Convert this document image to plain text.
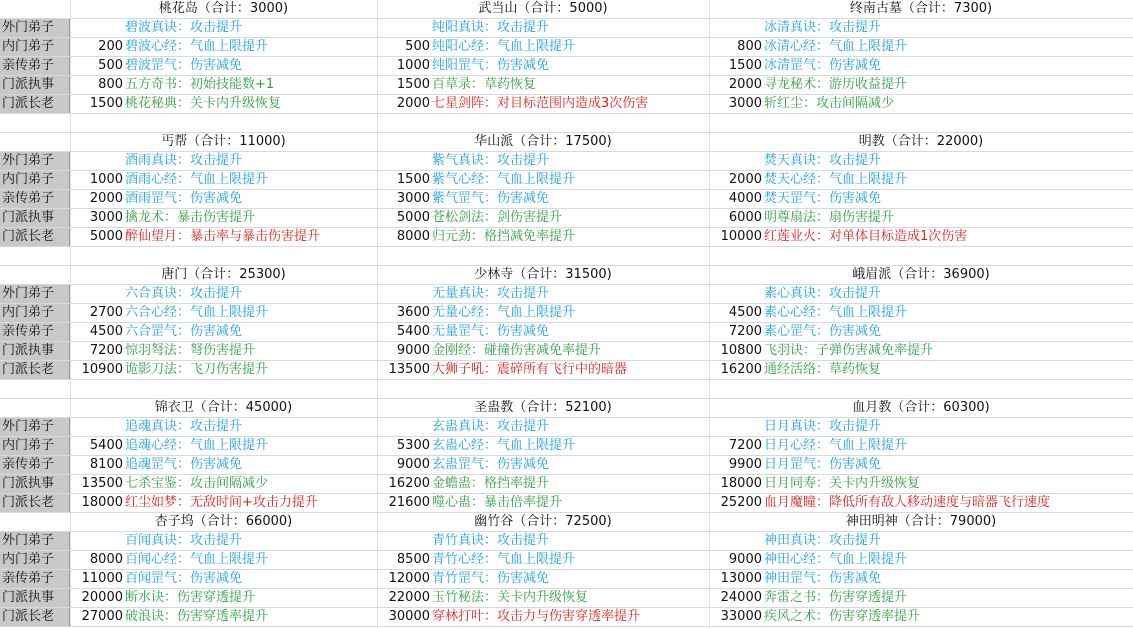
桃花岛（合计：3000)	武当山（合计：5000)	终南古墓（合计：7300)
外门弟子	碧波真诀：攻击提升	纯阳真诀：攻击提升	冰清真诀：攻击提升
内门弟子	200 碧波心经：气血上限提升	500 纯阳心经：气血上限提升	800 冰清心经：气血上限提升
亲传弟子	500 碧波罡气：伤害减免	1000 纯阳罡气：伤害减免	1500 冰清罡气：伤害减免
门派执事	800 五方奇书：初始技能数+1	1500 百草录：草药恢复	2000 寻龙秘术：游历收益提升
门派长老	1500 桃花秘典：关卡内升级恢复	2000 七星剑阵：对目标范围内造成3次伤害	3000 斩红尘：攻击间隔减少
丐帮（合计：11000)	华山派（合计：17500)	明教（合计：22000)
外门弟子	酒雨真诀：攻击提升	紫气真诀：攻击提升	焚天真诀：攻击提升
内门弟子	1000 酒雨心经：气血上限提升	1500 紫气心经：气血上限提升	2000 焚天心经：气血上限提升
亲传弟子	2000 酒雨罡气：伤害减免	3000 紫气罡气：伤害减免	4000 焚天罡气：伤害减免
门派执事	3000 擒龙术：暴击伤害提升	5000 苍松剑法：剑伤害提升	6000 明尊扇法：扇伤害提升
门派长老	5000 醉仙望月：暴击率与暴击伤害提升	8000 归元劲：格挡减免率提升	10000 红莲业火：对单体目标造成1次伤害
唐门（合计：25300)	少林寺（合计：31500)	峨眉派（合计：36900)
外门弟子	六合真诀：攻击提升	无量真诀：攻击提升	素心真诀：攻击提升
内门弟子	2700 六合心经：气血上限提升	3600 无量心经：气血上限提升	4500 素心心经：气血上限提升
亲传弟子	4500 六合罡气：伤害减免	5400 无量罡气：伤害减免	7200 素心罡气：伤害减免
门派执事	7200 惊羽弩法：弩伤害提升	9000 金刚经：碰撞伤害减免率提升	10800 飞羽诀：子弹伤害减免率提升
门派长老	10900 诡影刀法：飞刀伤害提升	13500 大狮子吼：震碎所有飞行中的暗器	16200 通经活络：草药恢复
锦衣卫（合计：45000)	圣蛊教（合计：52100)	血月教（合计：60300)
外门弟子	追魂真诀：攻击提升	玄蛊真诀：攻击提升	日月真诀：攻击提升
内门弟子	5400 追魂心经：气血上限提升	5300 玄蛊心经：气血上限提升	7200 日月心经：气血上限提升
亲传弟子	8100 追魂罡气：伤害减免	9000 玄蛊罡气：伤害减免	9900 日月罡气：伤害减免
门派执事	13500 七杀宝鉴：攻击间隔减少	16200 金蟾蛊：格挡率提升	18000 日月同寿：关卡内升级恢复
门派长老	18000 红尘如梦：无敌时间+攻击力提升	21600 噬心蛊：暴击倍率提升	25200 血月魔瞳：降低所有敌人移动速度与暗器飞行速度
杏子坞（合计：66000)	幽竹谷（合计：72500)	神田明神（合计：79000)
外门弟子	百闻真诀：攻击提升	青竹真诀：攻击提升	神田真诀：攻击提升
内门弟子	8000 百闻心经：气血上限提升	8500 青竹心经：气血上限提升	9000 神田心经：气血上限提升
亲传弟子	11000 百闻罡气：伤害减免	12000 青竹罡气：伤害减免	13000 神田罡气：伤害减免
门派执事	20000 断水诀：伤害穿透提升	22000 玉竹秘法：关卡内升级恢复	24000 奔雷之书：伤害穿透提升
门派长老	27000 破浪诀：伤害穿透率提升	30000 穿林打叶：攻击力与伤害穿透率提升	33000 疾风之术：伤害穿透率提升
